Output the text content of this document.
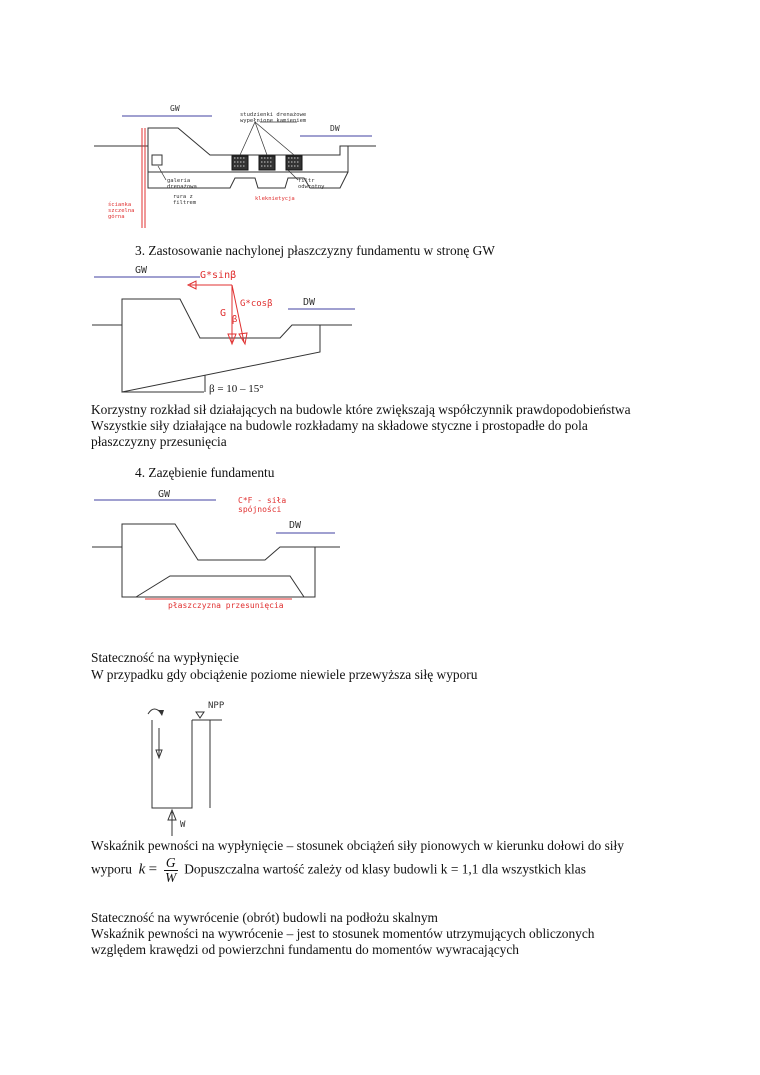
GW
DW
studzienki drenażowe
wypełnione kamieniem
galeria
drenażowa
rura z
filtrem
filtr
odwrotny
ścianka
szczelna
górna
kleknietycja
3. Zastosowanie nachylonej płaszczyzny fundamentu w stronę GW
GW
DW
G*sinβ
G*cosβ
G
β
β = 10 – 15°
Korzystny rozkład sił działających na budowle które zwiększają współczynnik prawdopodobieństwa
Wszystkie siły działające na budowle rozkładamy na składowe styczne i prostopadłe do pola
płaszczyzny przesunięcia
4. Zazębienie fundamentu
GW
DW
C*F - siła
spójności
płaszczyzna przesunięcia
Stateczność na wypłynięcie
W przypadku gdy obciążenie poziome niewiele przewyższa siłę wyporu
NPP
W
Wskaźnik pewności na wypłynięcie – stosunek obciążeń siły pionowych w kierunku dołowi do siły
wyporu $k = \frac{G}{W}$ Dopuszczalna wartość zależy od klasy budowli k = 1,1 dla wszystkich klas
Stateczność na wywrócenie (obrót) budowli na podłożu skalnym
Wskaźnik pewności na wywrócenie – jest to stosunek momentów utrzymujących obliczonych
względem krawędzi od powierzchni fundamentu do momentów wywracających
